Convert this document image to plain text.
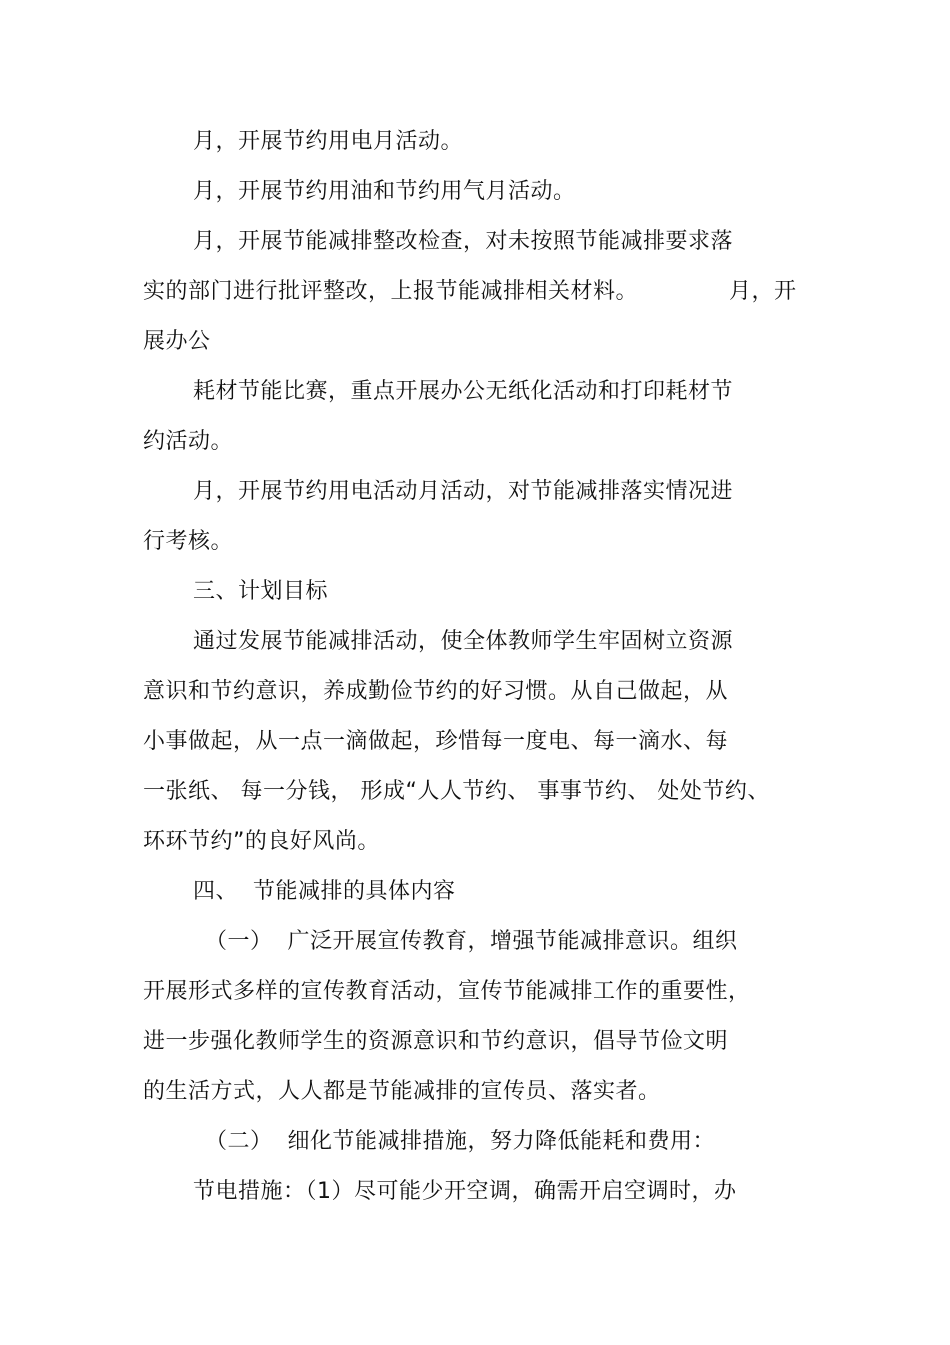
月，开展节约用电月活动。
月，开展节约用油和节约用气月活动。
月，开展节能减排整改检查，对未按照节能减排要求落
实的部门进行批评整改，上报节能减排相关材料。	月，开
展办公
耗材节能比赛，重点开展办公无纸化活动和打印耗材节
约活动。
月，开展节约用电活动月活动，对节能减排落实情况进
行考核。
三、计划目标
通过发展节能减排活动，使全体教师学生牢固树立资源
意识和节约意识，养成勤俭节约的好习惯。从自己做起，从
小事做起，从一点一滴做起，珍惜每一度电、每一滴水、每
一张纸、 每一分钱， 形成“人人节约、 事事节约、 处处节约、
环环节约”的良好风尚。
四、  节能减排的具体内容
（一）  广泛开展宣传教育，增强节能减排意识。组织
开展形式多样的宣传教育活动，宣传节能减排工作的重要性，
进一步强化教师学生的资源意识和节约意识，倡导节俭文明
的生活方式，人人都是节能减排的宣传员、落实者。
（二）  细化节能减排措施，努力降低能耗和费用：
节电措施：（1）尽可能少开空调，确需开启空调时，办
